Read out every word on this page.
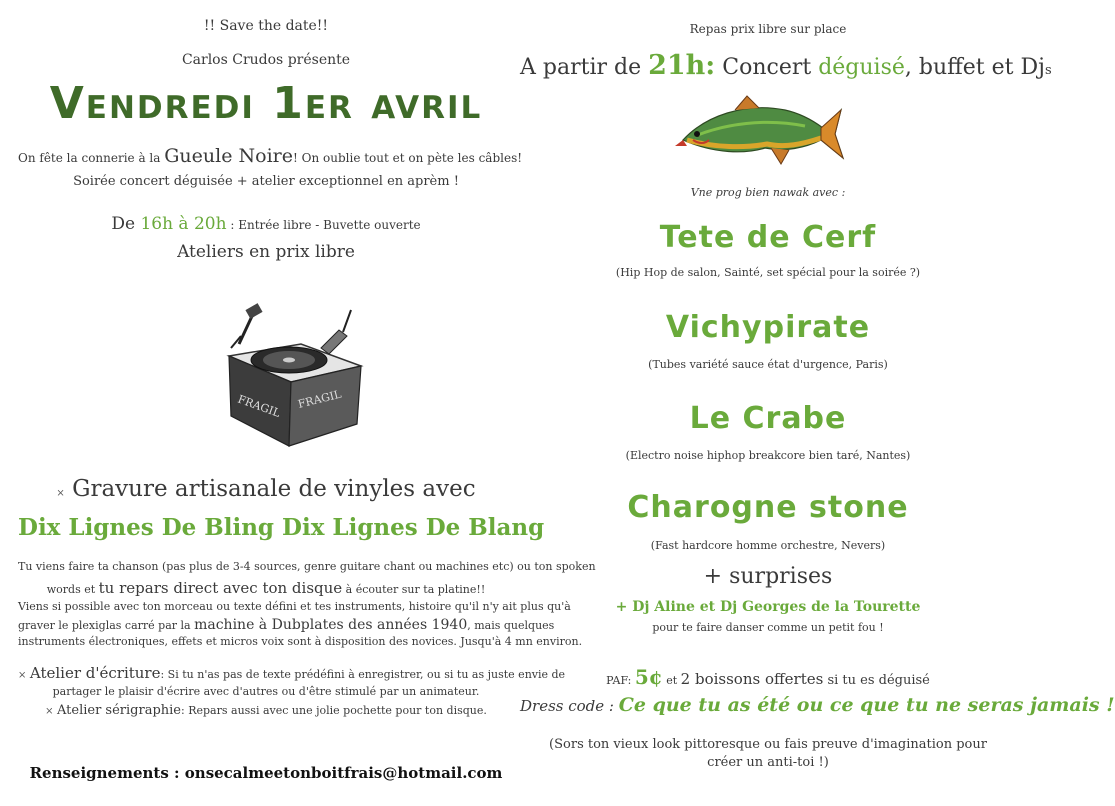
!! Save the date!!
Carlos Crudos présente
Vendredi 1er avril
On fête la connerie à la Gueule Noire! On oublie tout et on pète les câbles!
Soirée concert déguisée + atelier exceptionnel en aprèm !
De 16h à 20h : Entrée libre - Buvette ouverte
Ateliers en prix libre
FRAGIL FRAGIL
× Gravure artisanale de vinyles avec
Dix Lignes De Bling Dix Lignes De Blang
Tu viens faire ta chanson (pas plus de 3-4 sources, genre guitare chant ou machines etc) ou ton spoken
words et tu repars direct avec ton disque à écouter sur ta platine!!
Viens si possible avec ton morceau ou texte défini et tes instruments, histoire qu'il n'y ait plus qu'à
graver le plexiglas carré par la machine à Dubplates des années 1940, mais quelques
instruments électroniques, effets et micros voix sont à disposition des novices. Jusqu'à 4 mn environ.
× Atelier d'écriture: Si tu n'as pas de texte prédéfini à enregistrer, ou si tu as juste envie de
partager le plaisir d'écrire avec d'autres ou d'être stimulé par un animateur.
× Atelier sérigraphie: Repars aussi avec une jolie pochette pour ton disque.
Renseignements : onsecalmeetonboitfrais@hotmail.com
Repas prix libre sur place
A partir de 21h: Concert déguisé, buffet et Djs
Vne prog bien nawak avec :
Tete de Cerf
(Hip Hop de salon, Sainté, set spécial pour la soirée ?)
Vichypirate
(Tubes variété sauce état d'urgence, Paris)
Le Crabe
(Electro noise hiphop breakcore bien taré, Nantes)
Charogne stone
(Fast hardcore homme orchestre, Nevers)
+ surprises
+ Dj Aline et Dj Georges de la Tourette
pour te faire danser comme un petit fou !
PAF: 5¢ et 2 boissons offertes si tu es déguisé
Dress code : Ce que tu as été ou ce que tu ne seras jamais !
(Sors ton vieux look pittoresque ou fais preuve d'imagination pour créer un anti-toi !)
